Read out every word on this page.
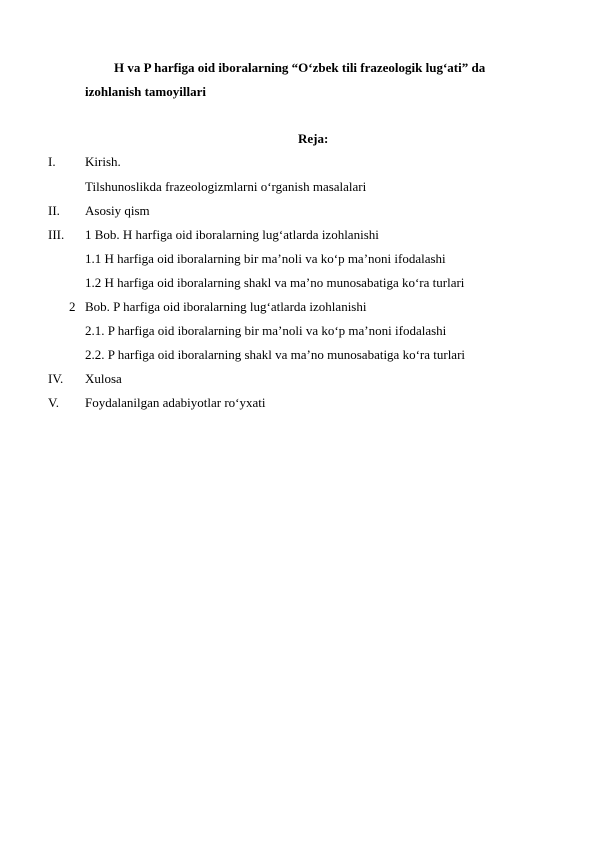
H va P harfiga oid iboralarning “O‘zbek tili frazeologik lug‘ati” da
izohlanish tamoyillari
Reja:
I. Kirish.
Tilshunoslikda frazeologizmlarni o‘rganish masalalari
II. Asosiy qism
III. 1 Bob. H harfiga oid iboralarning lug‘atlarda izohlanishi
1.1 H harfiga oid iboralarning bir ma’noli va ko‘p ma’noni ifodalashi
1.2 H harfiga oid iboralarning shakl va ma’no munosabatiga ko‘ra turlari
2 Bob. P harfiga oid iboralarning lug‘atlarda izohlanishi
2.1. P harfiga oid iboralarning bir ma’noli va ko‘p ma’noni ifodalashi
2.2. P harfiga oid iboralarning shakl va ma’no munosabatiga ko‘ra turlari
IV. Xulosa
V. Foydalanilgan adabiyotlar ro‘yxati
